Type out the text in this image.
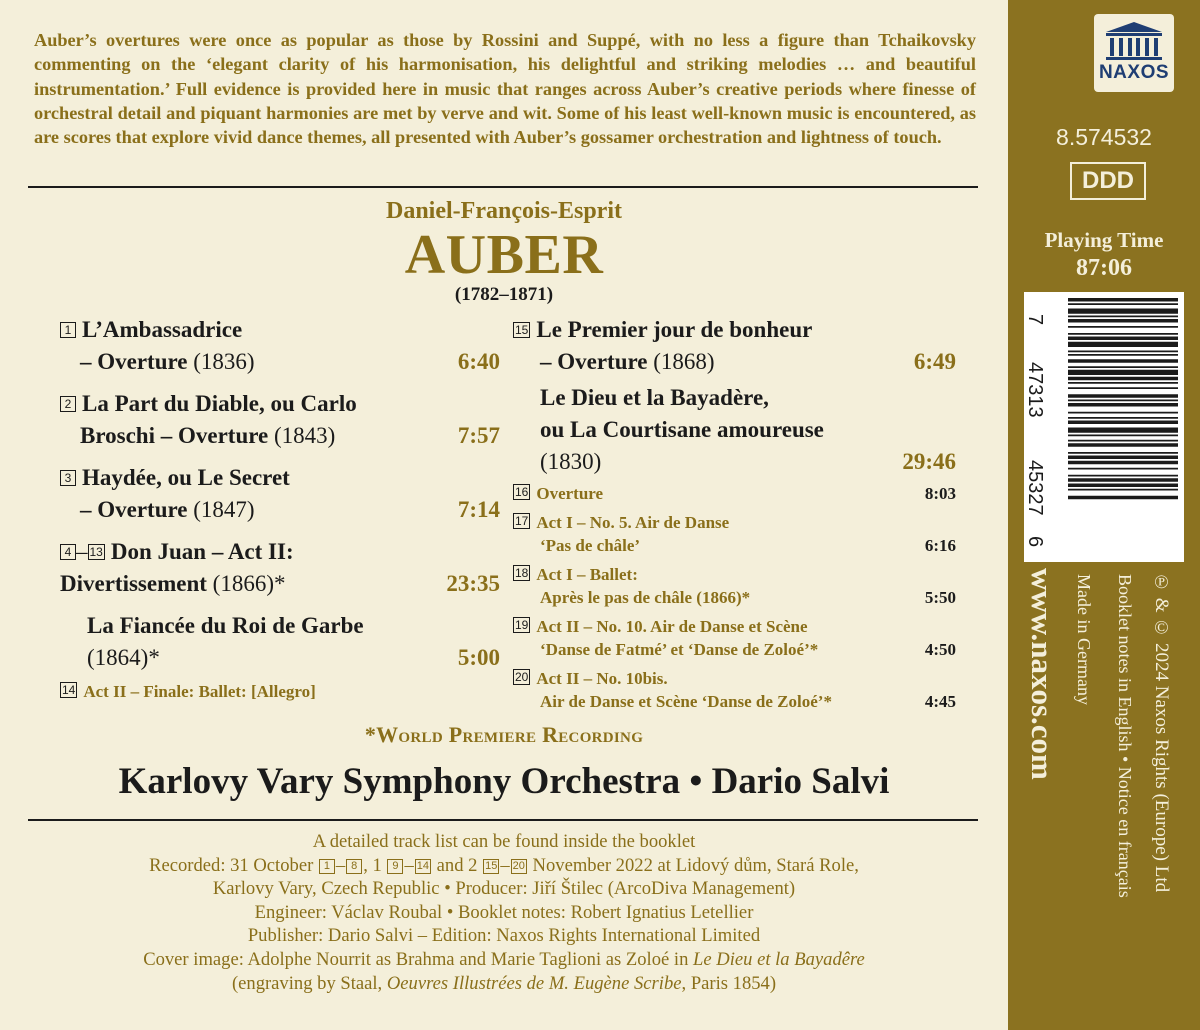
Auber’s overtures were once as popular as those by Rossini and Suppé, with no less a figure than Tchaikovsky commenting on the ‘elegant clarity of his harmonisation, his delightful and striking melodies … and beautiful instrumentation.’ Full evidence is provided here in music that ranges across Auber’s creative periods where finesse of orchestral detail and piquant harmonies are met by verve and wit. Some of his least well-known music is encountered, as are scores that explore vivid dance themes, all presented with Auber’s gossamer orchestration and lightness of touch.

Daniel-François-Esprit
AUBER
(1782–1871)
1 L’Ambassadrice
– Overture (1836)	6:40
2 La Part du Diable, ou Carlo
Broschi – Overture (1843)	7:57
3 Haydée, ou Le Secret
– Overture (1847)	7:14
4 – 13 Don Juan – Act II:
Divertissement (1866)*	23:35
La Fiancée du Roi de Garbe
(1864)*	5:00
14 Act II – Finale: Ballet: [Allegro]
15 Le Premier jour de bonheur
– Overture (1868)	6:49
Le Dieu et la Bayadère,
ou La Courtisane amoureuse
(1830)	29:46
16 Overture	8:03
17 Act I – No. 5. Air de Danse
‘Pas de châle’	6:16
18 Act I – Ballet:
Après le pas de châle (1866)*	5:50
19 Act II – No. 10. Air de Danse et Scène
‘Danse de Fatmé’ et ‘Danse de Zoloé’*	4:50
20 Act II – No. 10bis.
Air de Danse et Scène ‘Danse de Zoloé’*	4:45
*World Premiere Recording
Karlovy Vary Symphony Orchestra • Dario Salvi
A detailed track list can be found inside the booklet
Recorded: 31 October 1 – 8 , 1 9 – 14 and 2 15 – 20 November 2022 at Lidový dům, Stará Role,
Karlovy Vary, Czech Republic • Producer: Jiří Štilec (ArcoDiva Management)
Engineer: Václav Roubal • Booklet notes: Robert Ignatius Letellier
Publisher: Dario Salvi – Edition: Naxos Rights International Limited
Cover image: Adolphe Nourrit as Brahma and Marie Taglioni as Zoloé in Le Dieu et la Bayadêre
(engraving by Staal, Oeuvres Illustrées de M. Eugène Scribe, Paris 1854)
NAXOS
8.574532
DDD
Playing Time
87:06
7
47313
45327
6
www.naxos.com Made in Germany Booklet notes in English • Notice en français ℗ & © 2024 Naxos Rights (Europe) Ltd
